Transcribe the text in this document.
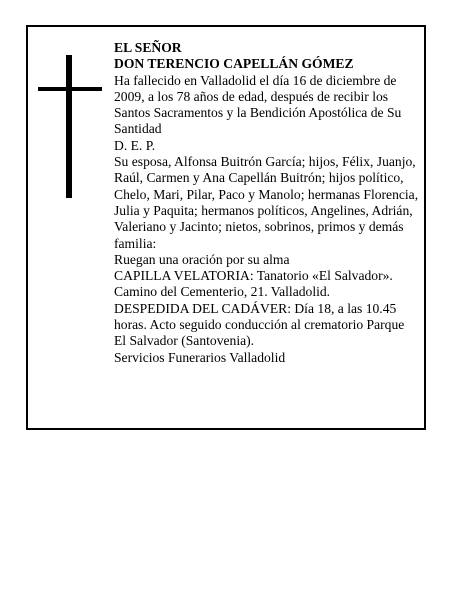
EL SEÑOR

DON TERENCIO CAPELLÁN GÓMEZ

Ha fallecido en Valladolid el día 16 de diciembre de 2009, a los 78 años de edad, después de recibir los Santos Sacramentos y la Bendición Apostólica de Su Santidad

D. E. P.

Su esposa, Alfonsa Buitrón García; hijos, Félix, Juanjo, Raúl, Carmen y Ana Capellán Buitrón; hijos político, Chelo, Mari, Pilar, Paco y Manolo; hermanas Florencia, Julia y Paquita; hermanos políticos, Angelines, Adrián, Valeriano y Jacinto; nietos, sobrinos, primos y demás familia:

Ruegan una oración por su alma

CAPILLA VELATORIA: Tanatorio «El Salvador». Camino del Cementerio, 21. Valladolid.

DESPEDIDA DEL CADÁVER: Día 18, a las 10.45 horas. Acto seguido conducción al crematorio Parque El Salvador (Santovenia).

Servicios Funerarios Valladolid
